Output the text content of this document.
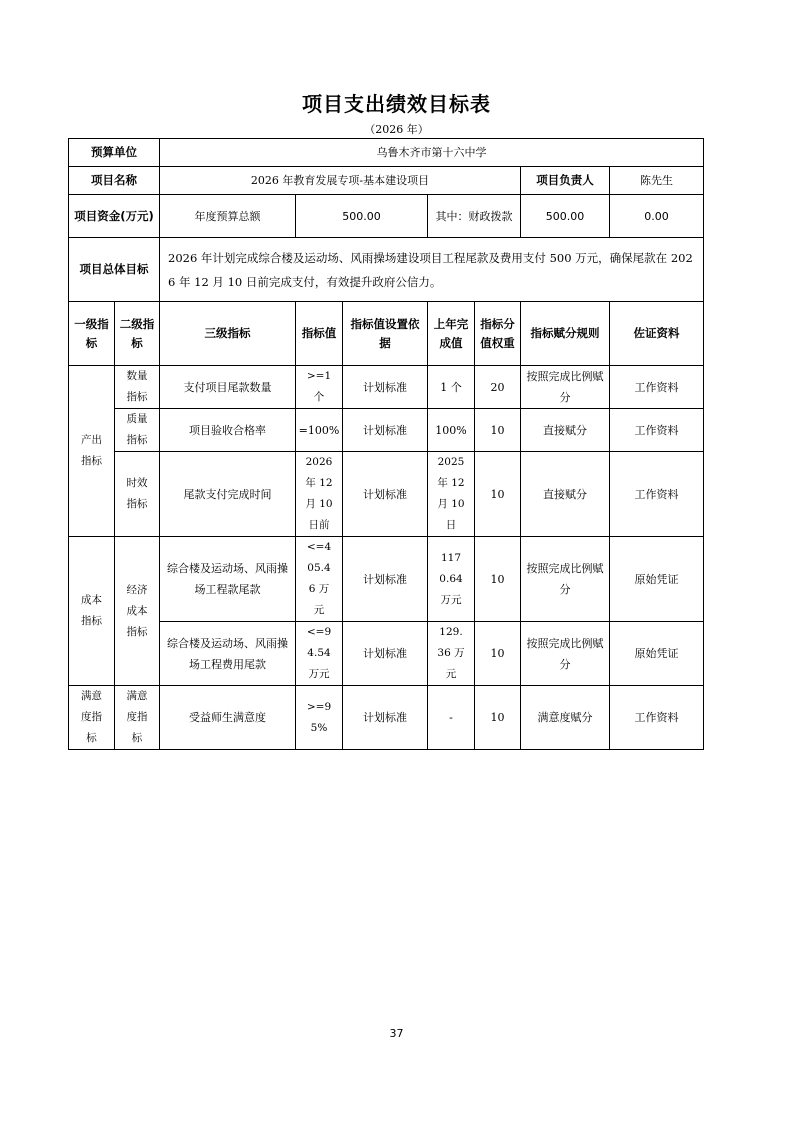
项目支出绩效目标表
（2026 年）
预算单位		乌鲁木齐市第十六中学						
项目名称		2026 年教育发展专项-基本建设项目					项目负责人	陈先生
项目资金(万元)		年度预算总额	500.00		其中：财政拨款		500.00	0.00
项目总体目标		2026 年计划完成综合楼及运动场、风雨操场建设项目工程尾款及费用支付 500 万元，确保尾款在 2026 年 12 月 10 日前完成支付，有效提升政府公信力。						
一级指标	二级指标	三级指标	指标值	指标值设置依据	上年完成值	指标分值权重	指标赋分规则	佐证资料
产出指标	数量指标	支付项目尾款数量	>=1 个	计划标准	1 个	20	按照完成比例赋分	工作资料
	质量指标	项目验收合格率	=100%	计划标准	100%	10	直接赋分	工作资料
	时效指标	尾款支付完成时间	2026 年 12 月 10 日前	计划标准	2025 年 12 月 10 日	10	直接赋分	工作资料
成本指标	经济成本指标	综合楼及运动场、风雨操场工程款尾款	<=405.46 万元	计划标准	1170.64 万元	10	按照完成比例赋分	原始凭证
		综合楼及运动场、风雨操场工程费用尾款	<=94.54 万元	计划标准	129.36 万元	10	按照完成比例赋分	原始凭证
满意度指标	满意度指标	受益师生满意度	>=95%	计划标准	-	10	满意度赋分	工作资料
37
